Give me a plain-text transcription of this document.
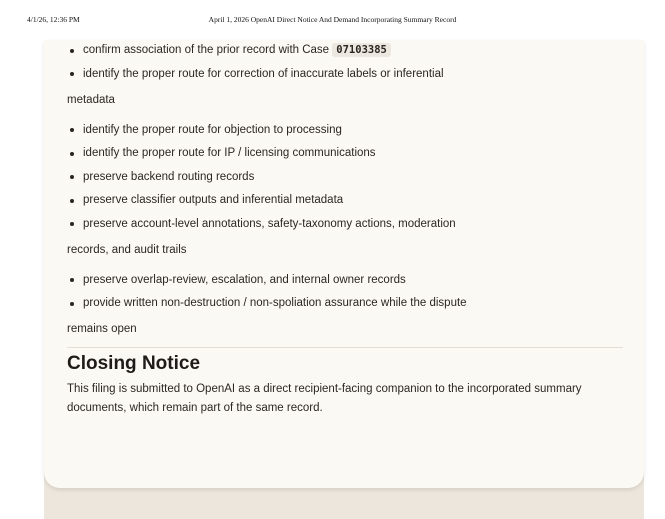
4/1/26, 12:36 PM	April 1, 2026 OpenAI Direct Notice And Demand Incorporating Summary Record
confirm association of the prior record with Case 07103385
identify the proper route for correction of inaccurate labels or inferential

metadata

identify the proper route for objection to processing
identify the proper route for IP / licensing communications
preserve backend routing records
preserve classifier outputs and inferential metadata
preserve account-level annotations, safety-taxonomy actions, moderation

records, and audit trails

preserve overlap-review, escalation, and internal owner records
provide written non-destruction / non-spoliation assurance while the dispute

remains open

Closing Notice

This filing is submitted to OpenAI as a direct recipient-facing companion to the incorporated summary documents, which remain part of the same record.
